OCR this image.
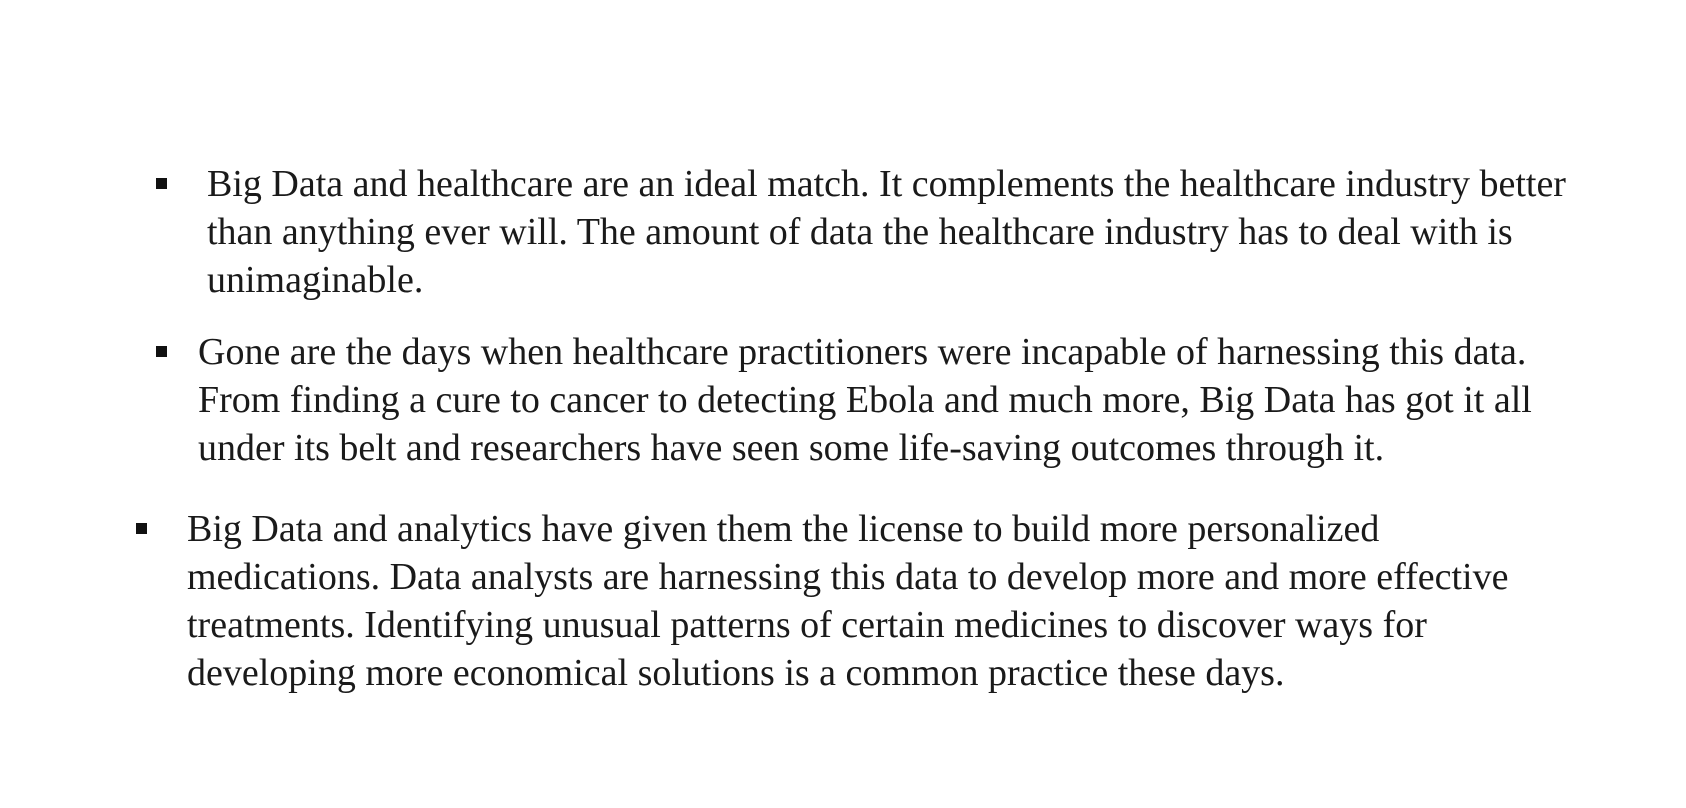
Big Data and healthcare are an ideal match. It complements the healthcare industry better
than anything ever will. The amount of data the healthcare industry has to deal with is
unimaginable.
Gone are the days when healthcare practitioners were incapable of harnessing this data.
From finding a cure to cancer to detecting Ebola and much more, Big Data has got it all
under its belt and researchers have seen some life-saving outcomes through it.
Big Data and analytics have given them the license to build more personalized
medications. Data analysts are harnessing this data to develop more and more effective
treatments. Identifying unusual patterns of certain medicines to discover ways for
developing more economical solutions is a common practice these days.
